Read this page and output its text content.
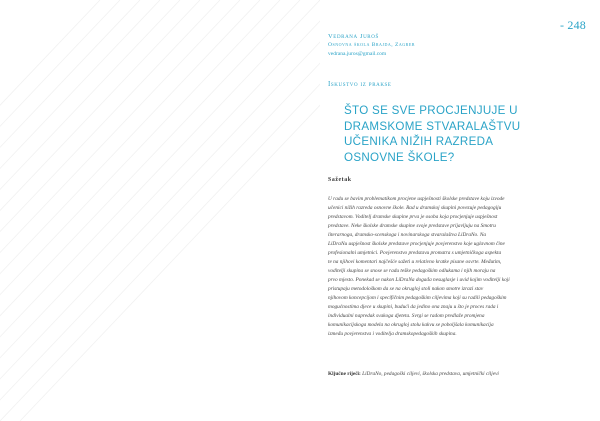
- 248
Vedrana Juroš
Osnovna škola Brajda, Zagreb
vedrana.juros@gmail.com
Iskustvo iz prakse
ŠTO SE SVE PROCJENJUJE U
DRAMSKOME STVARALAŠTVU
UČENIKA NIŽIH RAZREDA
OSNOVNE ŠKOLE?
Sažetak
U radu se bavim problematikom procjene uspješnosti školske predstave koju izvode
učenici nižih razreda osnovne škole. Rad u dramskoj skupini povezuje pedagogiju
predstavom. Voditelj dramske skupine prva je osoba koja procjenjuje uspješnost
predstave. Neke školske dramske skupine svoje predstave prijavljuju na Smotru
literarnoga, dramsko-scenskoga i novinarskoga stvaralaštva LiDraNo. Na
LiDraNu uspješnost školske predstave procjenjuje povjerenstvo koje uglavnom čine
profesionalni umjetnici. Povjerenstvo predstavu promatra s umjetničkoga aspekta
te na njihovi komentari najčešće sažeti u relativno kratke pisane osvrte. Međutim,
voditelji skupina se snose se radu teške pedagoškim odlukama i njih moraju na
prvo mjesto. Ponekad se nakon LiDraNa događa nesuglasje i uvid kojim voditelji koji
pristupaju metodološkom da se na okrugloj stoli nakon smotre izrazi stav
njihovom koncepcijom i specifičnim pedagoškim ciljevima koji su radili pedagoškim
mogućnostima djece u skupini, budući da jedino ona znaju u što je proces rada i
individualni napredak svakoga djeteta. Svrgi se radom predlaže promjena
komunikacijskoga modela na okrugloj stolu kakvu se poboljšala komunikacija
između povjerenstva i voditelja dramskopedagoških skupina.
Ključne riječi: LiDraNo, pedagoški ciljevi, školska predstava, umjetnički ciljevi
